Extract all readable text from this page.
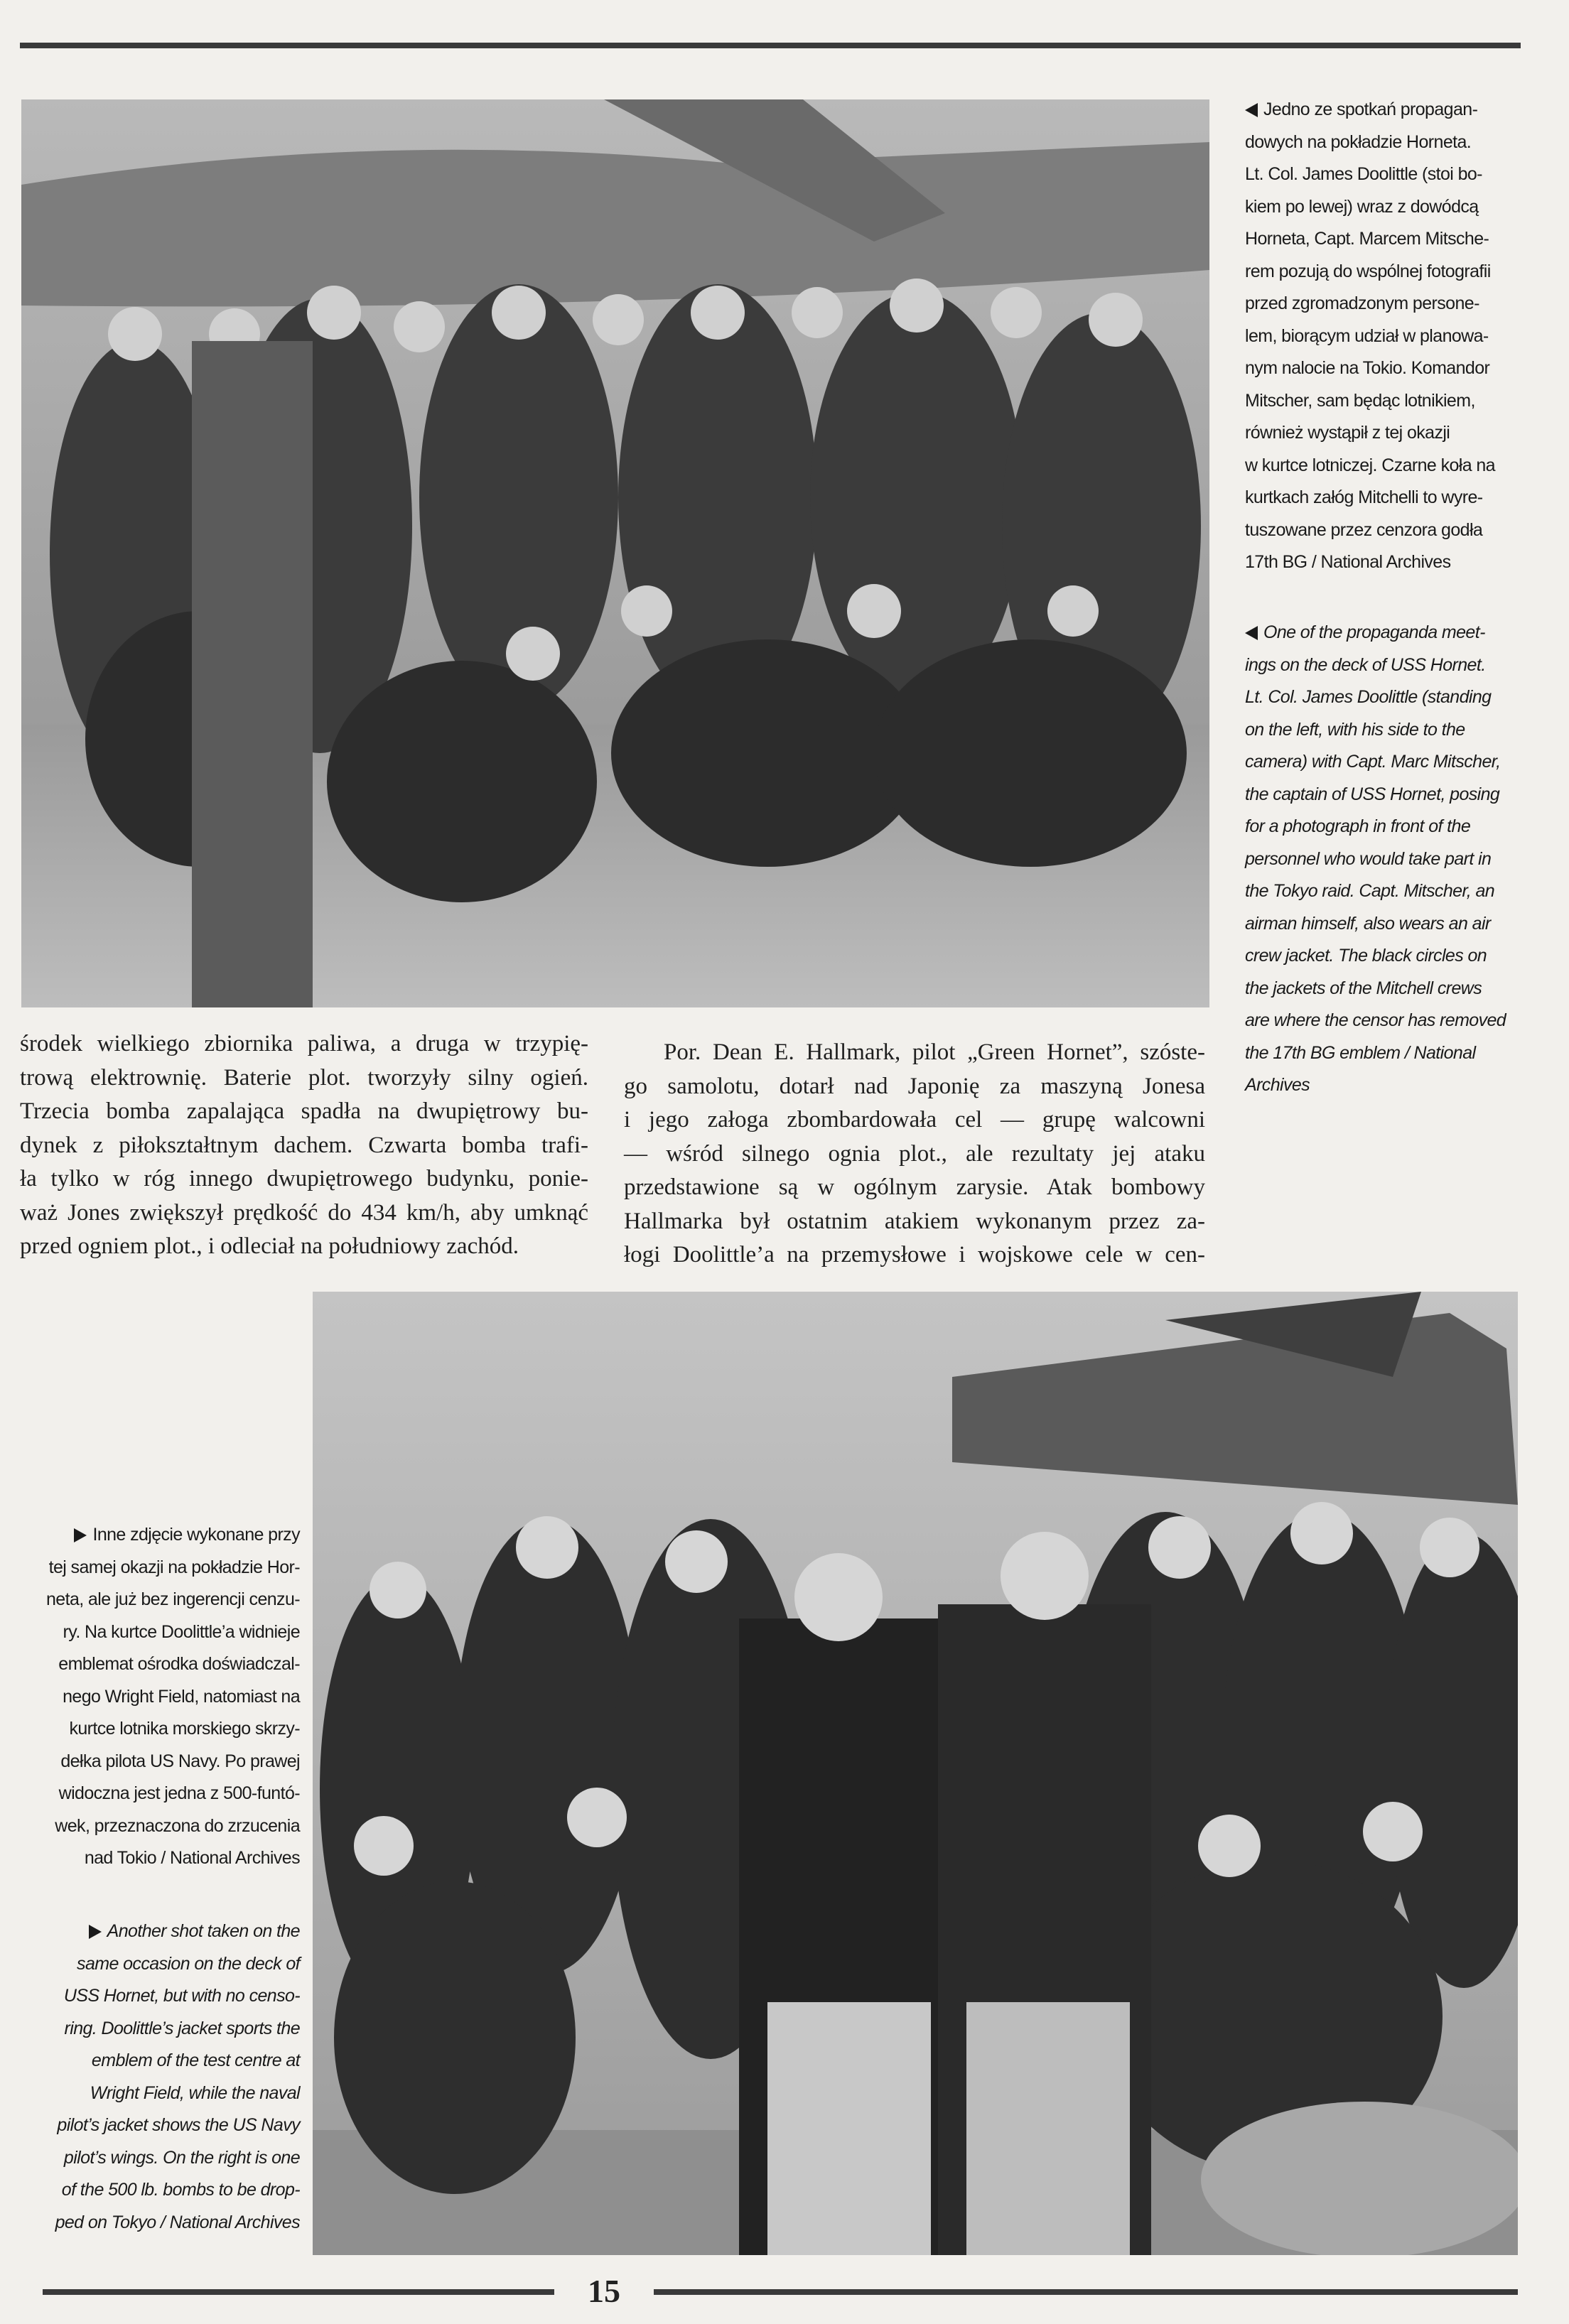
Jedno ze spotkań propagan-
dowych na pokładzie Horneta.
Lt. Col. James Doolittle (stoi bo-
kiem po lewej) wraz z dowódcą
Horneta, Capt. Marcem Mitsche-
rem pozują do wspólnej fotografii
przed zgromadzonym persone-
lem, biorącym udział w planowa-
nym nalocie na Tokio. Komandor
Mitscher, sam będąc lotnikiem,
również wystąpił z tej okazji
w kurtce lotniczej. Czarne koła na
kurtkach załóg Mitchelli to wyre-
tuszowane przez cenzora godła
17th BG / National Archives
One of the propaganda meet-
ings on the deck of USS Hornet.
Lt. Col. James Doolittle (standing
on the left, with his side to the
camera) with Capt. Marc Mitscher,
the captain of USS Hornet, posing
for a photograph in front of the
personnel who would take part in
the Tokyo raid. Capt. Mitscher, an
airman himself, also wears an air
crew jacket. The black circles on
the jackets of the Mitchell crews
are where the censor has removed
the 17th BG emblem / National
Archives
środek wielkiego zbiornika paliwa, a druga w trzypię-
trową elektrownię. Baterie plot. tworzyły silny ogień.
Trzecia bomba zapalająca spadła na dwupiętrowy bu-
dynek z piłokształtnym dachem. Czwarta bomba trafi-
ła tylko w róg innego dwupiętrowego budynku, ponie-
waż Jones zwiększył prędkość do 434 km/h, aby umknąć
przed ogniem plot., i odleciał na południowy zachód.
Por. Dean E. Hallmark, pilot „Green Hornet”, szóste-
go samolotu, dotarł nad Japonię za maszyną Jonesa
i jego załoga zbombardowała cel — grupę walcowni
— wśród silnego ognia plot., ale rezultaty jej ataku
przedstawione są w ogólnym zarysie. Atak bombowy
Hallmarka był ostatnim atakiem wykonanym przez za-
łogi Doolittle’a na przemysłowe i wojskowe cele w cen-
Inne zdjęcie wykonane przy
tej samej okazji na pokładzie Hor-
neta, ale już bez ingerencji cenzu-
ry. Na kurtce Doolittle’a widnieje
emblemat ośrodka doświadczal-
nego Wright Field, natomiast na
kurtce lotnika morskiego skrzy-
dełka pilota US Navy. Po prawej
widoczna jest jedna z 500-funtó-
wek, przeznaczona do zrzucenia
nad Tokio / National Archives
Another shot taken on the
same occasion on the deck of
USS Hornet, but with no censo-
ring. Doolittle’s jacket sports the
emblem of the test centre at
Wright Field, while the naval
pilot’s jacket shows the US Navy
pilot’s wings. On the right is one
of the 500 lb. bombs to be drop-
ped on Tokyo / National Archives
15
